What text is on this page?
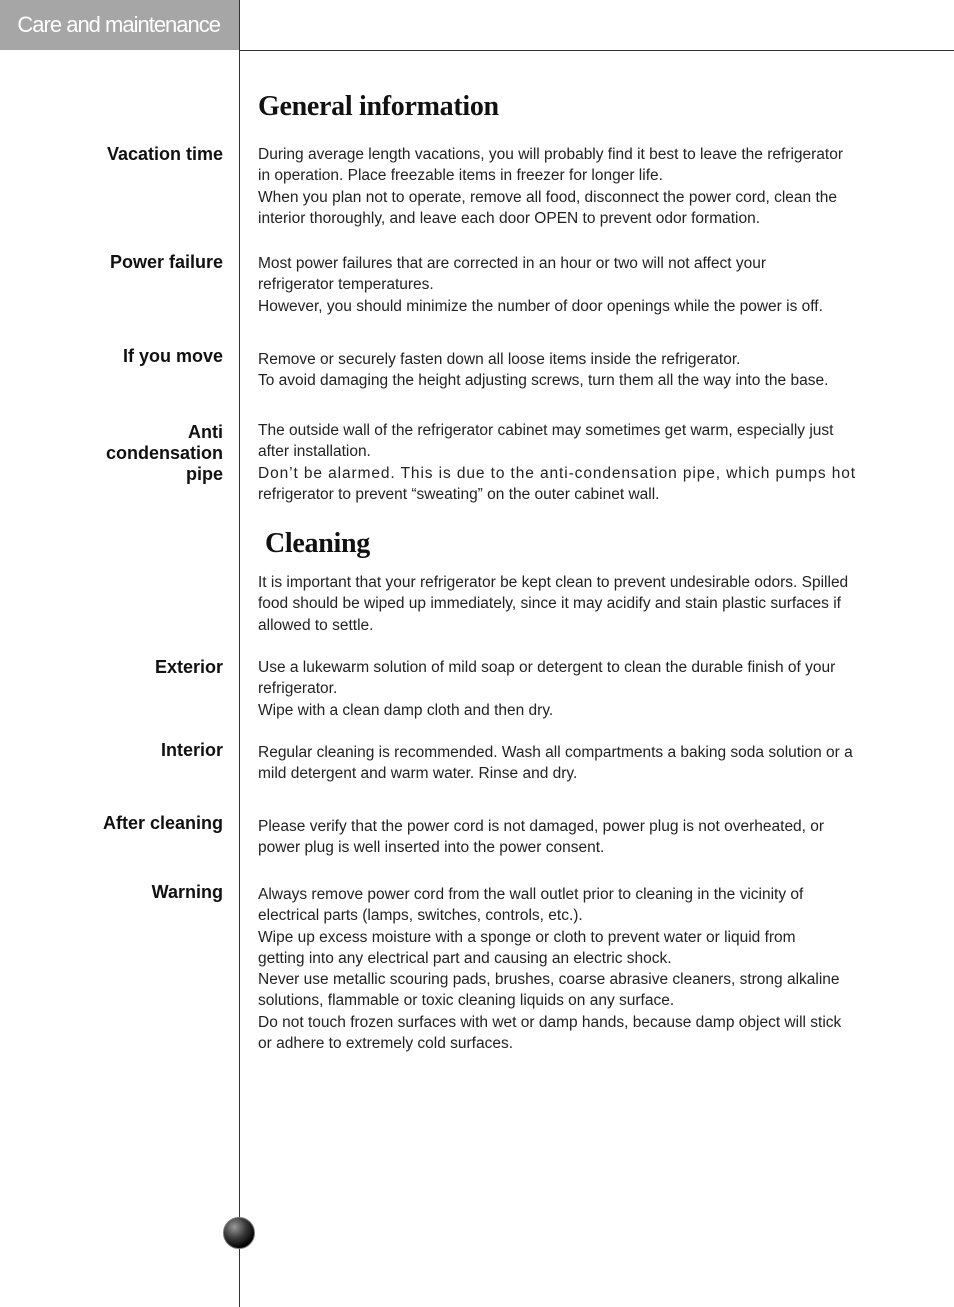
Care and maintenance
General information
Vacation time During average length vacations, you will probably find it best to leave the refrigerator
in operation. Place freezable items in freezer for longer life.
When you plan not to operate, remove all food, disconnect the power cord, clean the
interior thoroughly, and leave each door OPEN to prevent odor formation.
Power failure Most power failures that are corrected in an hour or two will not affect your
refrigerator temperatures.
However, you should minimize the number of door openings while the power is off.
If you move Remove or securely fasten down all loose items inside the refrigerator.
To avoid damaging the height adjusting screws, turn them all the way into the base.
Anti
condensation
pipe
The outside wall of the refrigerator cabinet may sometimes get warm, especially just
after installation.
Don’t be alarmed. This is due to the anti-condensation pipe, which pumps hot
refrigerator to prevent “sweating” on the outer cabinet wall.
Cleaning
It is important that your refrigerator be kept clean to prevent undesirable odors. Spilled
food should be wiped up immediately, since it may acidify and stain plastic surfaces if
allowed to settle.
Exterior Use a lukewarm solution of mild soap or detergent to clean the durable finish of your
refrigerator.
Wipe with a clean damp cloth and then dry.
Interior Regular cleaning is recommended. Wash all compartments a baking soda solution or a
mild detergent and warm water. Rinse and dry.
After cleaning Please verify that the power cord is not damaged, power plug is not overheated, or
power plug is well inserted into the power consent.
Warning Always remove power cord from the wall outlet prior to cleaning in the vicinity of
electrical parts (lamps, switches, controls, etc.).
Wipe up excess moisture with a sponge or cloth to prevent water or liquid from
getting into any electrical part and causing an electric shock.
Never use metallic scouring pads, brushes, coarse abrasive cleaners, strong alkaline
solutions, flammable or toxic cleaning liquids on any surface.
Do not touch frozen surfaces with wet or damp hands, because damp object will stick
or adhere to extremely cold surfaces.
